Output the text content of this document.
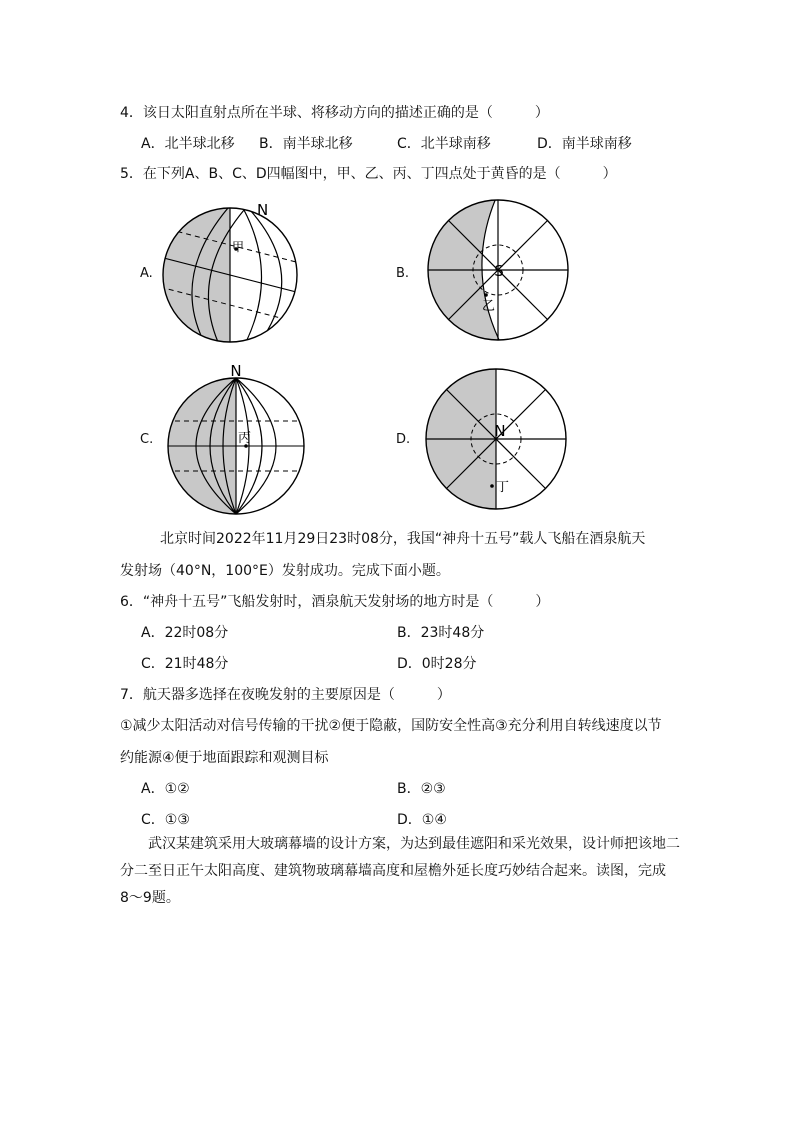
4．该日太阳直射点所在半球、将移动方向的描述正确的是（　　　）
A．北半球北移 B．南半球北移	C．北半球南移	D．南半球南移
5．在下列A、B、C、D四幅图中，甲、乙、丙、丁四点处于黄昏的是（　　　）
A.	B.
C.	D.
N
甲
S
乙
N
丙	N
丁
北京时间2022年11月29日23时08分，我国“神舟十五号”载人飞船在酒泉航天
发射场（40°N，100°E）发射成功。完成下面小题。
6．“神舟十五号”飞船发射时，酒泉航天发射场的地方时是（　　　）
A．22时08分	B．23时48分
C．21时48分	D．0时28分
7．航天器多选择在夜晚发射的主要原因是（　　　）
①减少太阳活动对信号传输的干扰②便于隐蔽，国防安全性高③充分利用自转线速度以节
约能源④便于地面跟踪和观测目标
A．①②	B．②③
C．①③	D．①④
武汉某建筑采用大玻璃幕墙的设计方案，为达到最佳遮阳和采光效果，设计师把该地二
分二至日正午太阳高度、建筑物玻璃幕墙高度和屋檐外延长度巧妙结合起来。读图，完成
8～9题。
